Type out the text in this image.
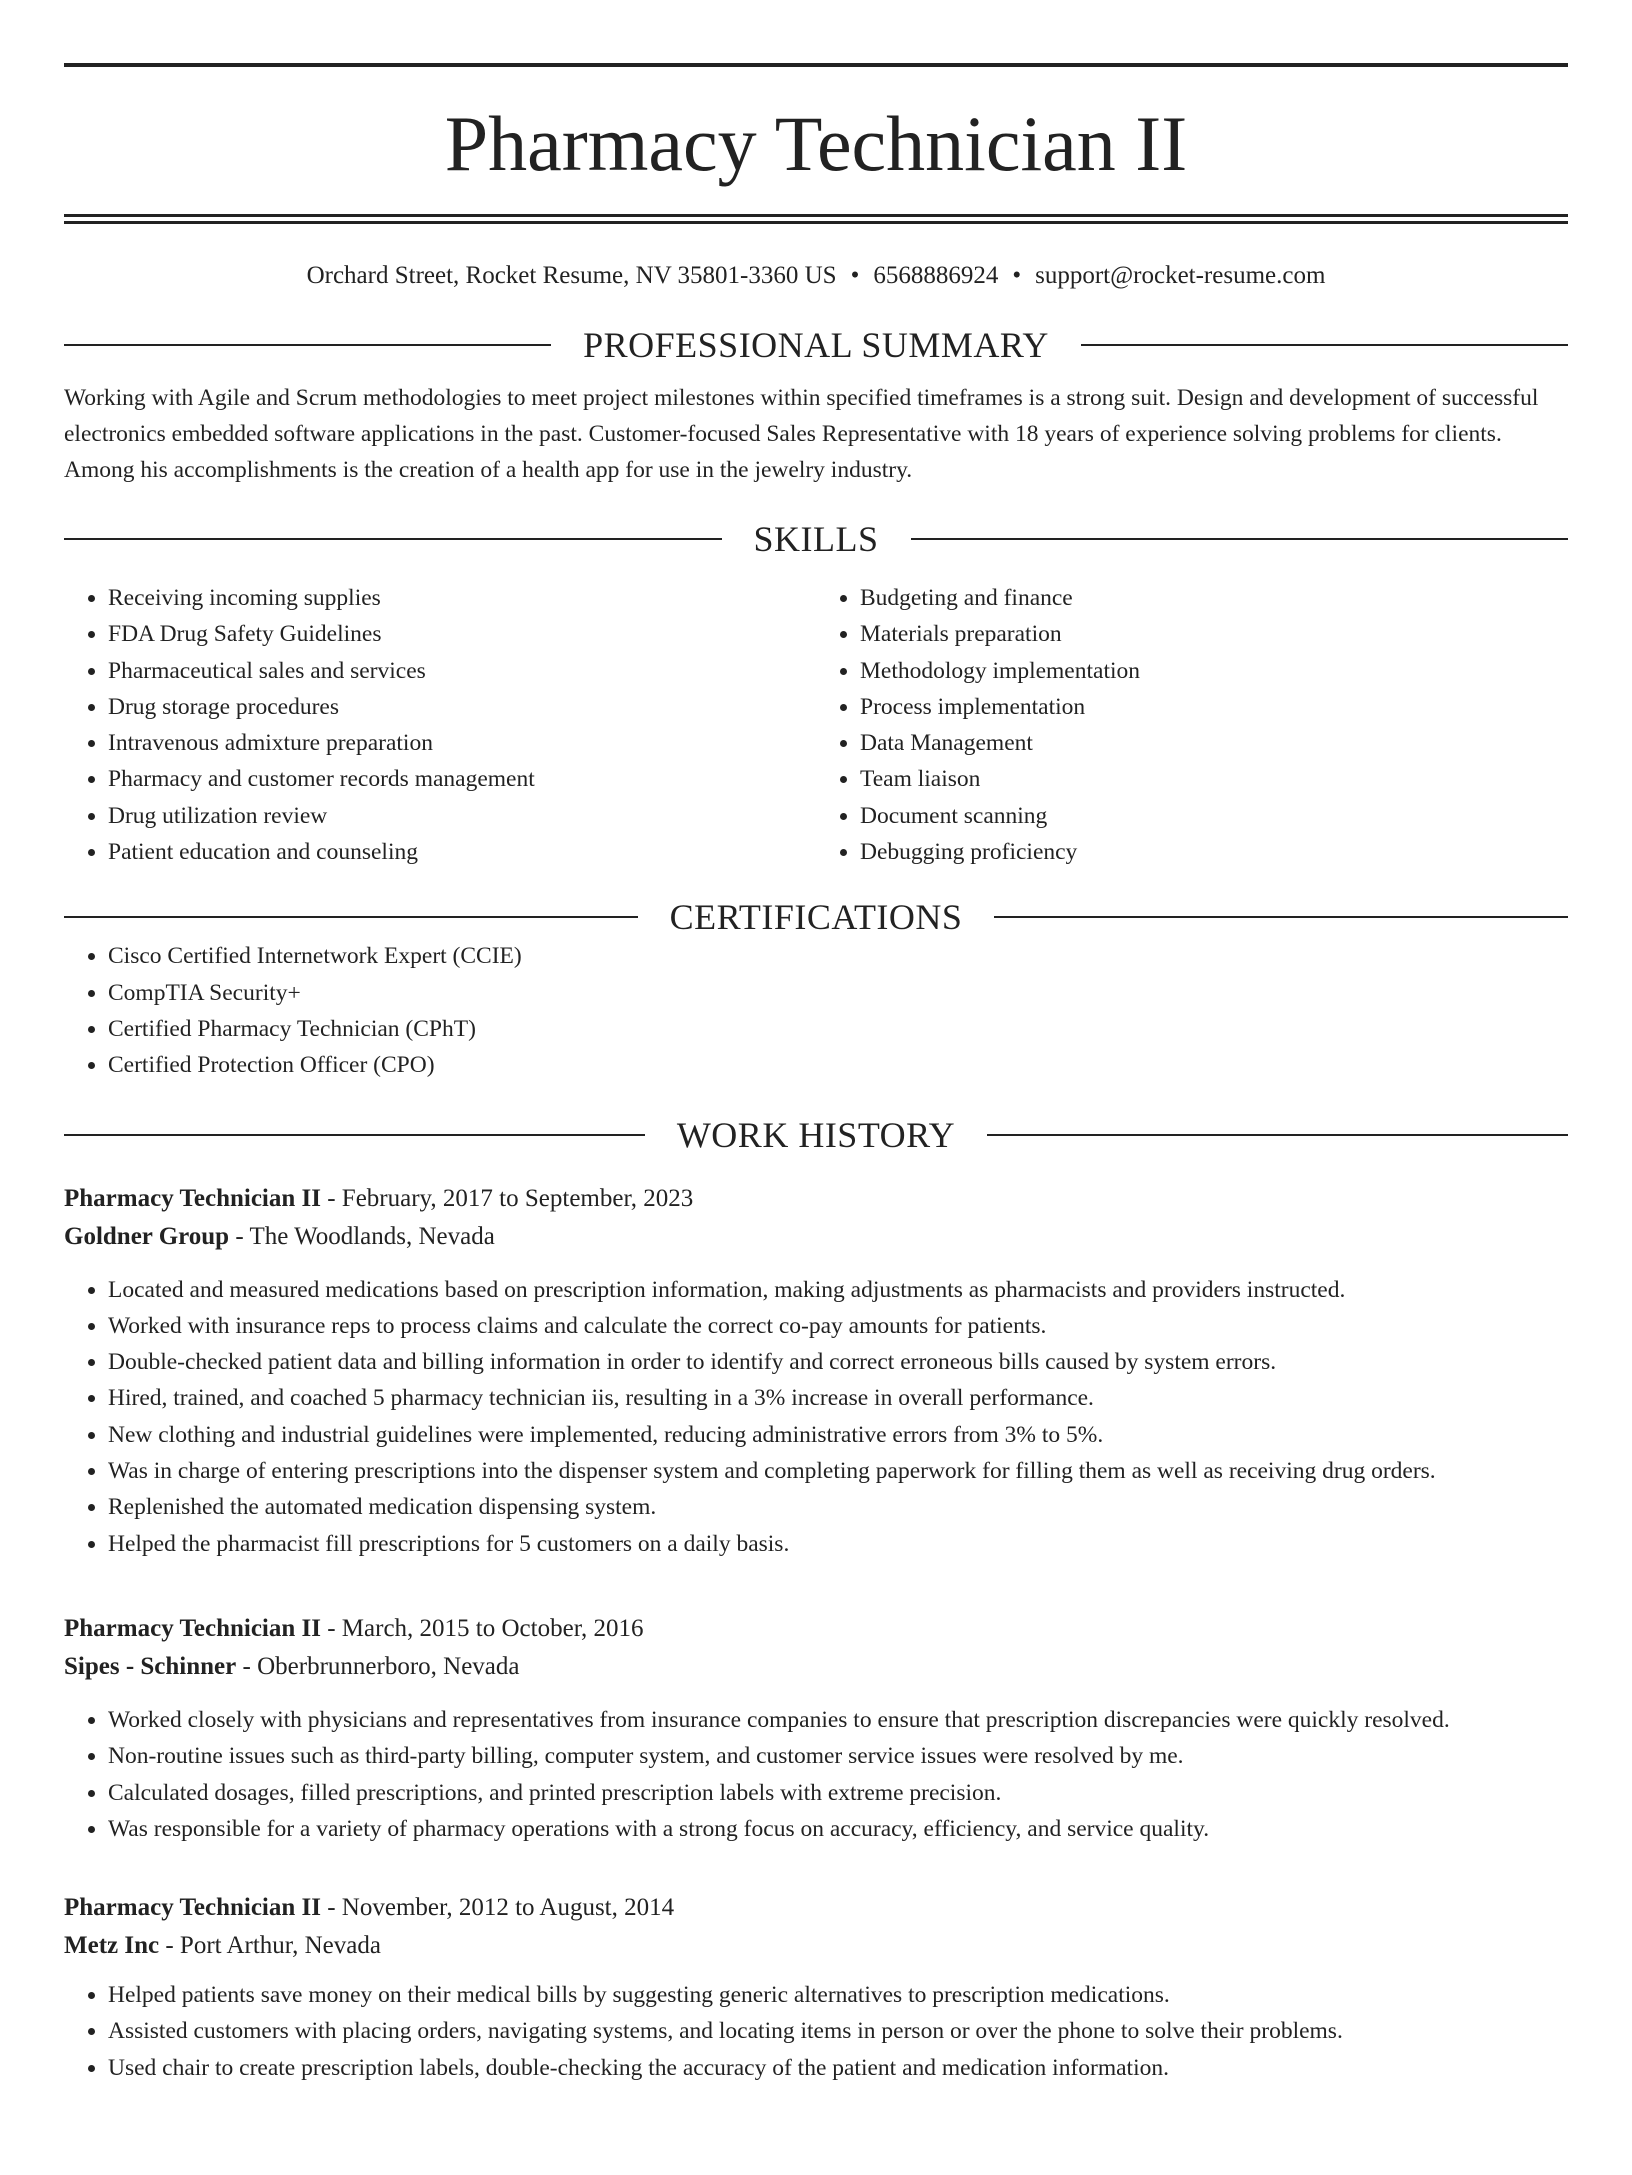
Pharmacy Technician II
Orchard Street, Rocket Resume, NV 35801-3360 US • 6568886924 • support@rocket-resume.com
PROFESSIONAL SUMMARY

Working with Agile and Scrum methodologies to meet project milestones within specified timeframes is a strong suit. Design and development of successful electronics embedded software applications in the past. Customer-focused Sales Representative with 18 years of experience solving problems for clients. Among his accomplishments is the creation of a health app for use in the jewelry industry.

SKILLS
• Receiving incoming supplies
• FDA Drug Safety Guidelines
• Pharmaceutical sales and services
• Drug storage procedures
• Intravenous admixture preparation
• Pharmacy and customer records management
• Drug utilization review
• Patient education and counseling
• Budgeting and finance
• Materials preparation
• Methodology implementation
• Process implementation
• Data Management
• Team liaison
• Document scanning
• Debugging proficiency
CERTIFICATIONS
• Cisco Certified Internetwork Expert (CCIE)
• CompTIA Security+
• Certified Pharmacy Technician (CPhT)
• Certified Protection Officer (CPO)
WORK HISTORY
Pharmacy Technician II - February, 2017 to September, 2023
Goldner Group - The Woodlands, Nevada
• Located and measured medications based on prescription information, making adjustments as pharmacists and providers instructed.
• Worked with insurance reps to process claims and calculate the correct co-pay amounts for patients.
• Double-checked patient data and billing information in order to identify and correct erroneous bills caused by system errors.
• Hired, trained, and coached 5 pharmacy technician iis, resulting in a 3% increase in overall performance.
• New clothing and industrial guidelines were implemented, reducing administrative errors from 3% to 5%.
• Was in charge of entering prescriptions into the dispenser system and completing paperwork for filling them as well as receiving drug orders.
• Replenished the automated medication dispensing system.
• Helped the pharmacist fill prescriptions for 5 customers on a daily basis.
Pharmacy Technician II - March, 2015 to October, 2016
Sipes - Schinner - Oberbrunnerboro, Nevada
• Worked closely with physicians and representatives from insurance companies to ensure that prescription discrepancies were quickly resolved.
• Non-routine issues such as third-party billing, computer system, and customer service issues were resolved by me.
• Calculated dosages, filled prescriptions, and printed prescription labels with extreme precision.
• Was responsible for a variety of pharmacy operations with a strong focus on accuracy, efficiency, and service quality.
Pharmacy Technician II - November, 2012 to August, 2014
Metz Inc - Port Arthur, Nevada
• Helped patients save money on their medical bills by suggesting generic alternatives to prescription medications.
• Assisted customers with placing orders, navigating systems, and locating items in person or over the phone to solve their problems.
• Used chair to create prescription labels, double-checking the accuracy of the patient and medication information.
